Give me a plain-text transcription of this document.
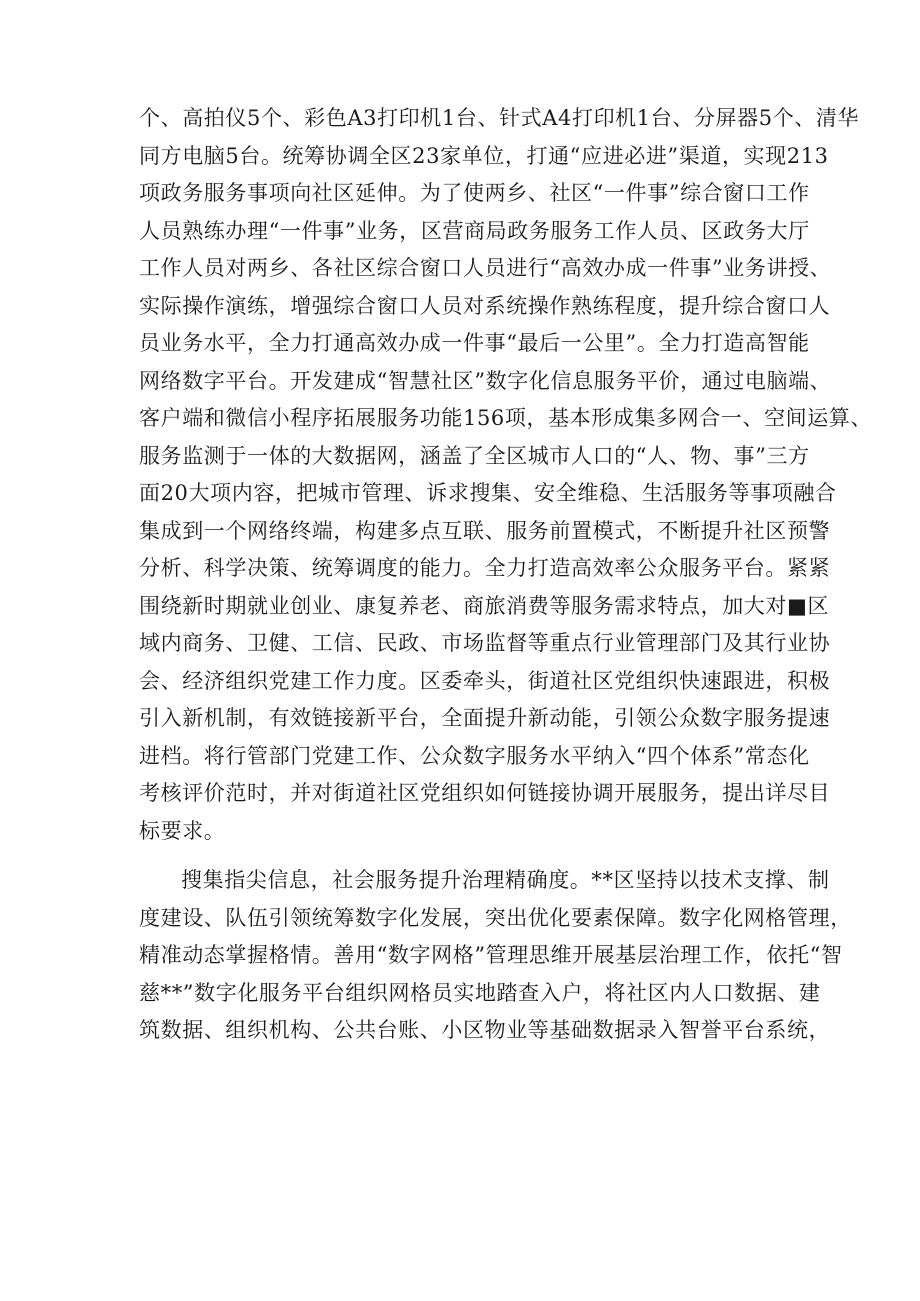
个、高拍仪5个、彩色A3打印机1台、针式A4打印机1台、分屏器5个、清华
同方电脑5台。统筹协调全区23家单位，打通“应进必进”渠道，实现213
项政务服务事项向社区延伸。为了使两乡、社区“一件事”综合窗口工作
人员熟练办理“一件事”业务，区营商局政务服务工作人员、区政务大厅
工作人员对两乡、各社区综合窗口人员进行“高效办成一件事”业务讲授、
实际操作演练，增强综合窗口人员对系统操作熟练程度，提升综合窗口人
员业务水平，全力打通高效办成一件事“最后一公里”。全力打造高智能
网络数字平台。开发建成“智慧社区”数字化信息服务平价，通过电脑端、
客户端和微信小程序拓展服务功能156项，基本形成集多网合一、空间运算、
服务监测于一体的大数据网，涵盖了全区城市人口的“人、物、事”三方
面20大项内容，把城市管理、诉求搜集、安全维稳、生活服务等事项融合
集成到一个网络终端，构建多点互联、服务前置模式，不断提升社区预警
分析、科学决策、统筹调度的能力。全力打造高效率公众服务平台。紧紧
围绕新时期就业创业、康复养老、商旅消费等服务需求特点，加大对■区
域内商务、卫健、工信、民政、市场监督等重点行业管理部门及其行业协
会、经济组织党建工作力度。区委牵头，街道社区党组织快速跟进，积极
引入新机制，有效链接新平台，全面提升新动能，引领公众数字服务提速
进档。将行管部门党建工作、公众数字服务水平纳入“四个体系”常态化
考核评价范时，并对街道社区党组织如何链接协调开展服务，提出详尽目
标要求。

搜集指尖信息，社会服务提升治理精确度。**区坚持以技术支撑、制
度建设、队伍引领统筹数字化发展，突出优化要素保障。数字化网格管理，
精准动态掌握格情。善用“数字网格”管理思维开展基层治理工作，依托“智
慈**”数字化服务平台组织网格员实地踏查入户，将社区内人口数据、建
筑数据、组织机构、公共台账、小区物业等基础数据录入智誉平台系统，
